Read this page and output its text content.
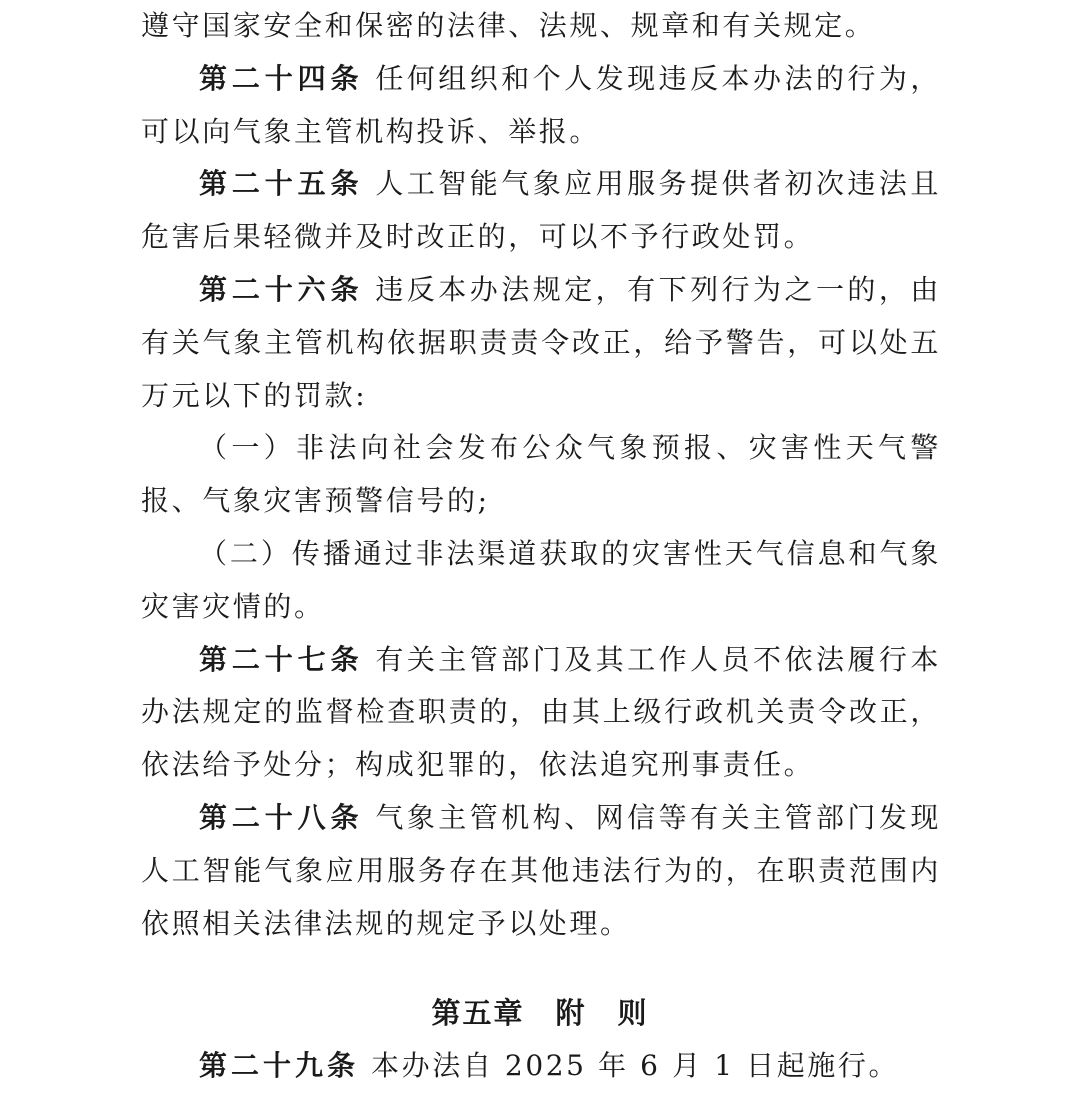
遵守国家安全和保密的法律、法规、规章和有关规定。

第二十四条 任何组织和个人发现违反本办法的行为，可以向气象主管机构投诉、举报。

第二十五条 人工智能气象应用服务提供者初次违法且危害后果轻微并及时改正的，可以不予行政处罚。

第二十六条 违反本办法规定，有下列行为之一的，由有关气象主管机构依据职责责令改正，给予警告，可以处五万元以下的罚款:

（一）非法向社会发布公众气象预报、灾害性天气警报、气象灾害预警信号的;

（二）传播通过非法渠道获取的灾害性天气信息和气象灾害灾情的。

第二十七条 有关主管部门及其工作人员不依法履行本办法规定的监督检查职责的，由其上级行政机关责令改正，依法给予处分；构成犯罪的，依法追究刑事责任。

第二十八条 气象主管机构、网信等有关主管部门发现人工智能气象应用服务存在其他违法行为的，在职责范围内依照相关法律法规的规定予以处理。

第五章　附　则

第二十九条 本办法自 2025 年 6 月 1 日起施行。
